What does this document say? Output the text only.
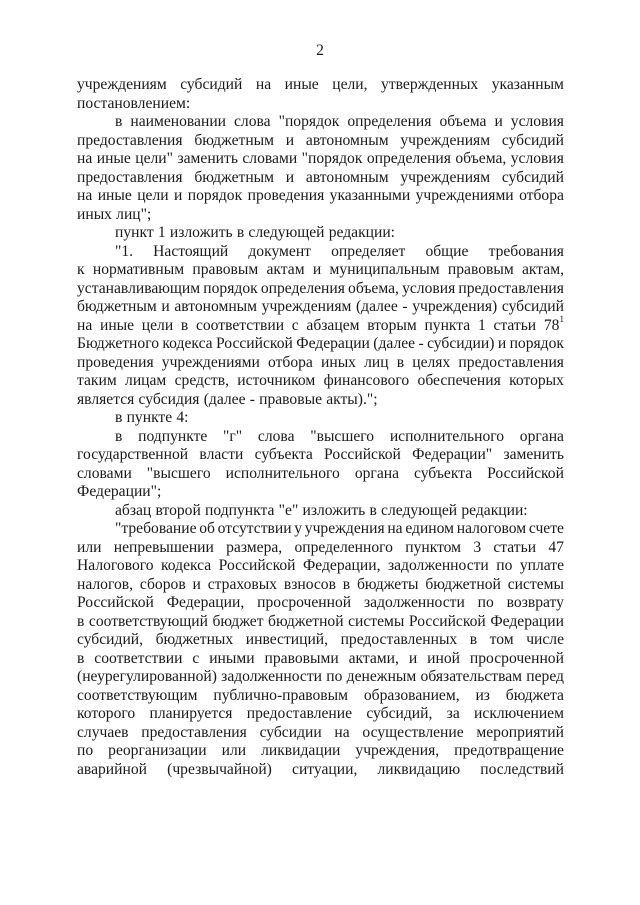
2
учреждениям субсидий на иные цели, утвержденных указанным
постановлением:
в наименовании слова "порядок определения объема и условия
предоставления бюджетным и автономным учреждениям субсидий
на иные цели" заменить словами "порядок определения объема, условия
предоставления бюджетным и автономным учреждениям субсидий
на иные цели и порядок проведения указанными учреждениями отбора
иных лиц";
пункт 1 изложить в следующей редакции:
"1. Настоящий документ определяет общие требования
к нормативным правовым актам и муниципальным правовым актам,
устанавливающим порядок определения объема, условия предоставления
бюджетным и автономным учреждениям (далее - учреждения) субсидий
на иные цели в соответствии с абзацем вторым пункта 1 статьи $78^1$
Бюджетного кодекса Российской Федерации (далее - субсидии) и порядок
проведения учреждениями отбора иных лиц в целях предоставления
таким лицам средств, источником финансового обеспечения которых
является субсидия (далее - правовые акты).";
в пункте 4:
в подпункте "г" слова "высшего исполнительного органа
государственной власти субъекта Российской Федерации" заменить
словами "высшего исполнительного органа субъекта Российской
Федерации";
абзац второй подпункта "е" изложить в следующей редакции:
"требование об отсутствии у учреждения на едином налоговом счете
или непревышении размера, определенного пунктом 3 статьи 47
Налогового кодекса Российской Федерации, задолженности по уплате
налогов, сборов и страховых взносов в бюджеты бюджетной системы
Российской Федерации, просроченной задолженности по возврату
в соответствующий бюджет бюджетной системы Российской Федерации
субсидий, бюджетных инвестиций, предоставленных в том числе
в соответствии с иными правовыми актами, и иной просроченной
(неурегулированной) задолженности по денежным обязательствам перед
соответствующим публично-правовым образованием, из бюджета
которого планируется предоставление субсидий, за исключением
случаев предоставления субсидии на осуществление мероприятий
по реорганизации или ликвидации учреждения, предотвращение
аварийной (чрезвычайной) ситуации, ликвидацию последствий
